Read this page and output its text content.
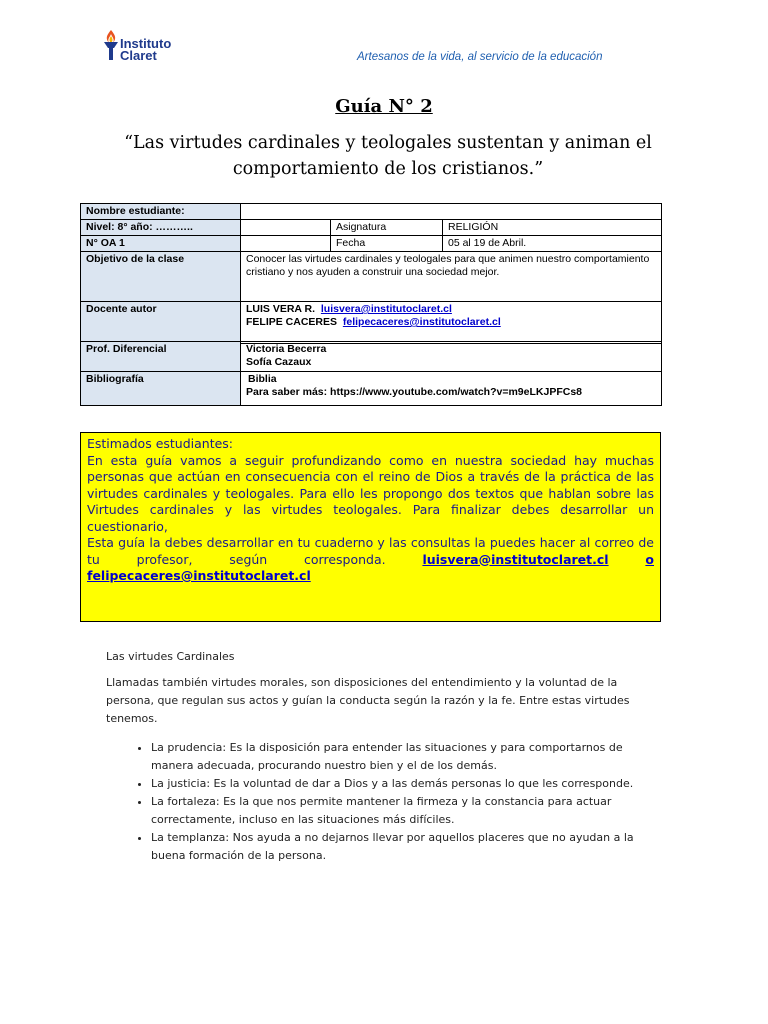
Instituto
Claret	Artesanos de la vida, al servicio de la educación
Guía N° 2
“Las virtudes cardinales y teologales sustentan y animan el comportamiento de los cristianos.”
Nombre estudiante:			
Nivel: 8° año: ………..		Asignatura	RELIGIÓN
N° OA 1		Fecha	05 al 19 de Abril.
Objetivo de la clase	Conocer las virtudes cardinales y teologales para que animen nuestro comportamiento cristiano y nos ayuden a construir una sociedad mejor.		
Docente autor	LUIS VERA R. luisvera@institutoclaret.cl
FELIPE CACERES felipecaceres@institutoclaret.cl		
Prof. Diferencial	Victoria Becerra
Sofía Cazaux

Bibliografía	Biblia
Para saber más: https://www.youtube.com/watch?v=m9eLKJPFCs8

Estimados estudiantes:

En esta guía vamos a seguir profundizando como en nuestra sociedad hay muchas personas que actúan en consecuencia con el reino de Dios a través de la práctica de las virtudes cardinales y teologales. Para ello les propongo dos textos que hablan sobre las Virtudes cardinales y las virtudes teologales. Para finalizar debes desarrollar un cuestionario,

Esta guía la debes desarrollar en tu cuaderno y las consultas la puedes hacer al correo de tu profesor, según corresponda.	luisvera@institutoclaret.cl	o felipecaceres@institutoclaret.cl

Las virtudes Cardinales
Llamadas también virtudes morales, son disposiciones del entendimiento y la voluntad de la persona, que regulan sus actos y guían la conducta según la razón y la fe. Entre estas virtudes tenemos.
• La prudencia: Es la disposición para entender las situaciones y para comportarnos de manera adecuada, procurando nuestro bien y el de los demás.
• La justicia: Es la voluntad de dar a Dios y a las demás personas lo que les corresponde.
• La fortaleza: Es la que nos permite mantener la firmeza y la constancia para actuar correctamente, incluso en las situaciones más difíciles.
• La templanza: Nos ayuda a no dejarnos llevar por aquellos placeres que no ayudan a la buena formación de la persona.
